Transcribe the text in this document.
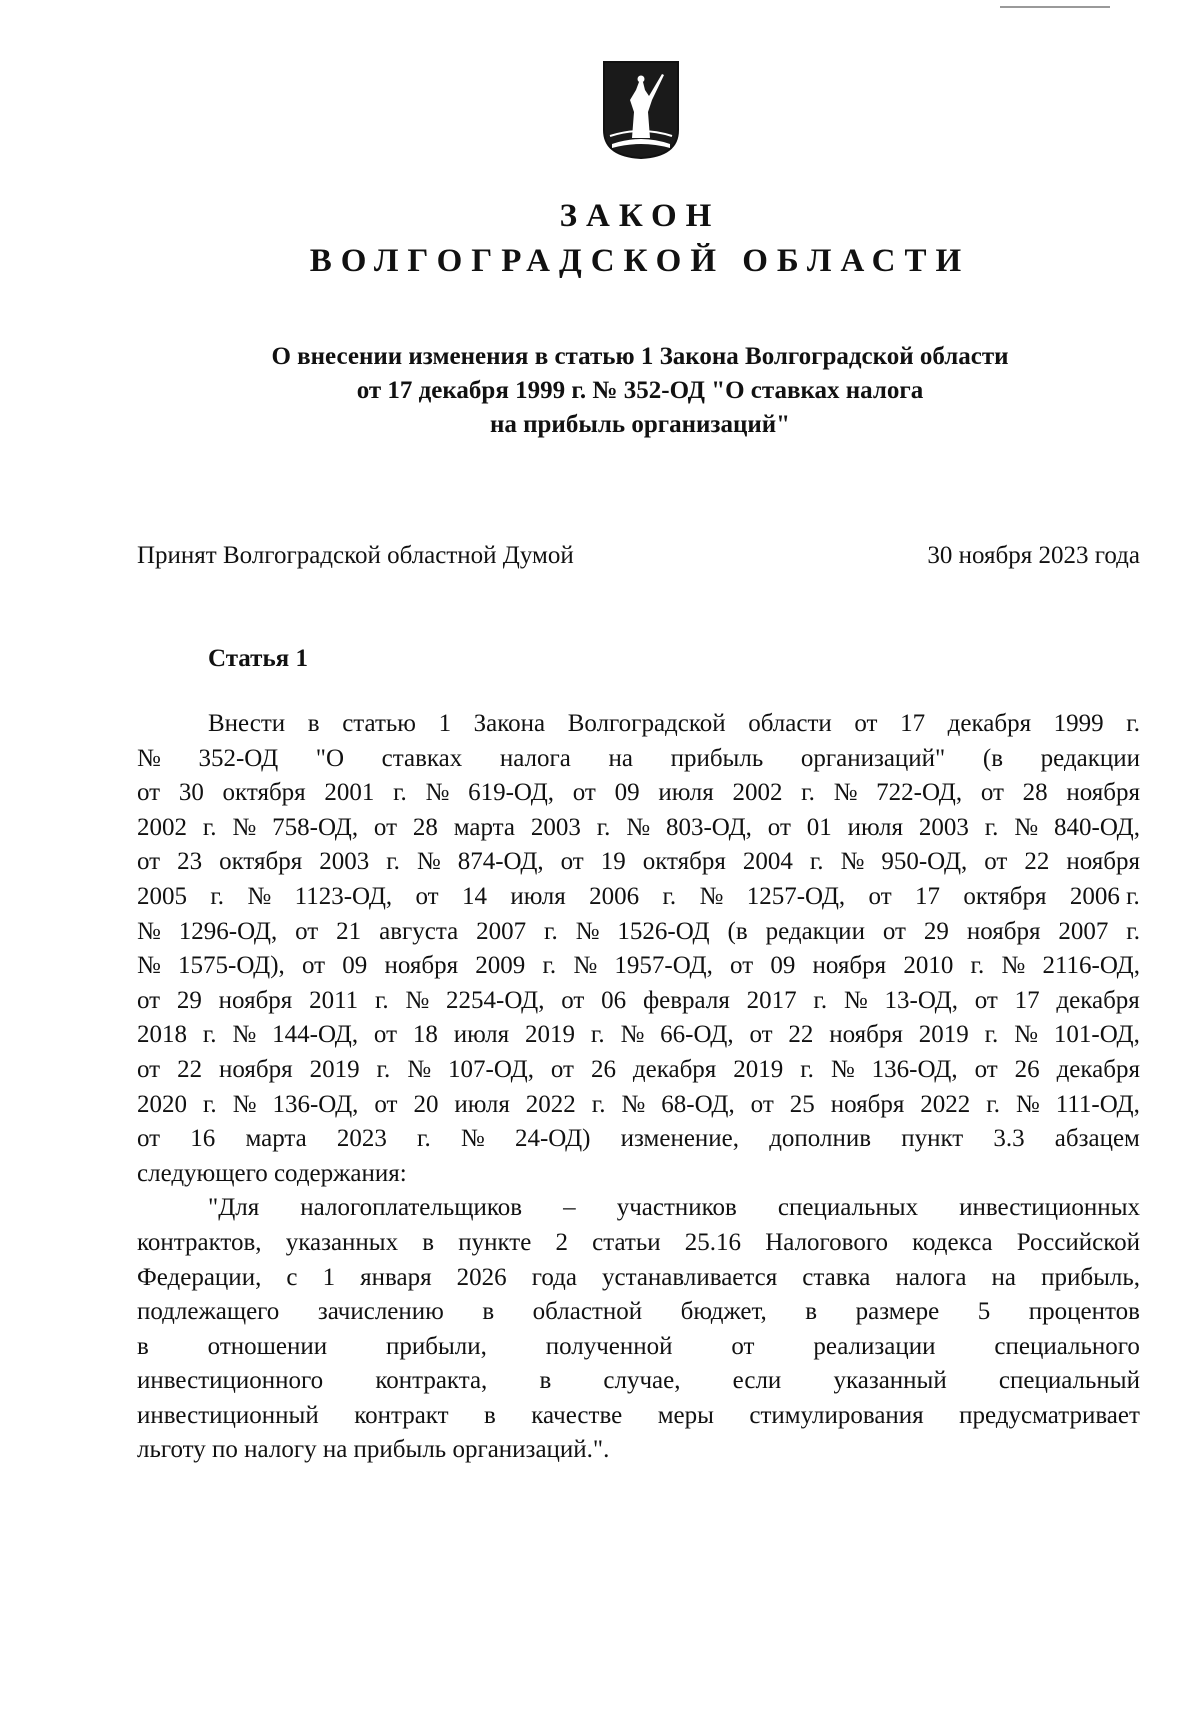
ЗАКОН
ВОЛГОГРАДСКОЙ ОБЛАСТИ
О внесении изменения в статью 1 Закона Волгоградской области
от 17 декабря 1999 г. № 352-ОД "О ставках налога
на прибыль организаций"
Принят Волгоградской областной Думой	30 ноября 2023 года
Статья 1
Внести в статью 1 Закона Волгоградской области от 17 декабря 1999 г.
№ 352-ОД "О ставках налога на прибыль организаций" (в редакции
от 30 октября 2001 г. № 619-ОД, от 09 июля 2002 г. № 722-ОД, от 28 ноября
2002 г. № 758-ОД, от 28 марта 2003 г. № 803-ОД, от 01 июля 2003 г. № 840-ОД,
от 23 октября 2003 г. № 874-ОД, от 19 октября 2004 г. № 950-ОД, от 22 ноября
2005 г. № 1123-ОД, от 14 июля 2006 г. № 1257-ОД, от 17 октября 2006 г.
№ 1296-ОД, от 21 августа 2007 г. № 1526-ОД (в редакции от 29 ноября 2007 г.
№ 1575-ОД), от 09 ноября 2009 г. № 1957-ОД, от 09 ноября 2010 г. № 2116-ОД,
от 29 ноября 2011 г. № 2254-ОД, от 06 февраля 2017 г. № 13-ОД, от 17 декабря
2018 г. № 144-ОД, от 18 июля 2019 г. № 66-ОД, от 22 ноября 2019 г. № 101-ОД,
от 22 ноября 2019 г. № 107-ОД, от 26 декабря 2019 г. № 136-ОД, от 26 декабря
2020 г. № 136-ОД, от 20 июля 2022 г. № 68-ОД, от 25 ноября 2022 г. № 111-ОД,
от 16 марта 2023 г. № 24-ОД) изменение, дополнив пункт 3.3 абзацем
следующего содержания:
"Для налогоплательщиков – участников специальных инвестиционных
контрактов, указанных в пункте 2 статьи 25.16 Налогового кодекса Российской
Федерации, с 1 января 2026 года устанавливается ставка налога на прибыль,
подлежащего зачислению в областной бюджет, в размере 5 процентов
в отношении прибыли, полученной от реализации специального
инвестиционного контракта, в случае, если указанный специальный
инвестиционный контракт в качестве меры стимулирования предусматривает
льготу по налогу на прибыль организаций.".
